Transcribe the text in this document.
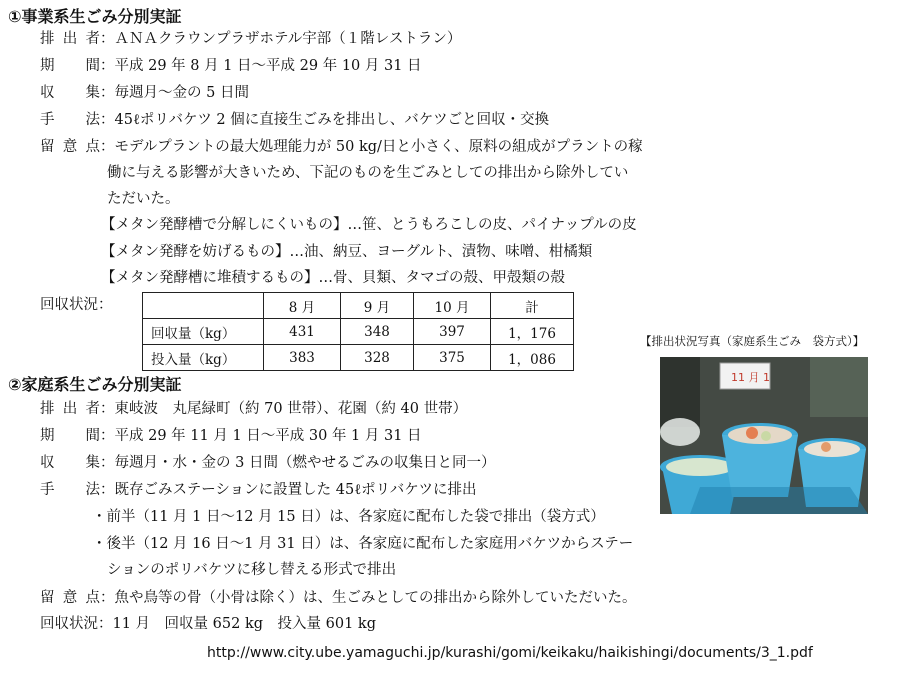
①事業系生ごみ分別実証
排出者：ＡＮＡクラウンプラザホテル宇部（１階レストラン）
期　間：平成 29 年 8 月 1 日～平成 29 年 10 月 31 日
収　集：毎週月～金の 5 日間
手　法：45ℓポリバケツ 2 個に直接生ごみを排出し、バケツごと回収・交換
留意点：モデルプラントの最大処理能力が 50 kg/日と小さく、原料の組成がプラントの稼
働に与える影響が大きいため、下記のものを生ごみとしての排出から除外してい
ただいた。
【メタン発酵槽で分解しにくいもの】…笹、とうもろこしの皮、パイナップルの皮
【メタン発酵を妨げるもの】…油、納豆、ヨーグルト、漬物、味噌、柑橘類
【メタン発酵槽に堆積するもの】…骨、貝類、タマゴの殻、甲殻類の殻
回収状況：
		8 月	9 月	10 月	計
回収量（kg）	431	348	397	1，176
投入量（kg）	383	328	375	1，086
【排出状況写真（家庭系生ごみ　袋方式）】
11 月 1
②家庭系生ごみ分別実証
排出者：東岐波　丸尾緑町（約 70 世帯）、花園（約 40 世帯）
期　間：平成 29 年 11 月 1 日～平成 30 年 1 月 31 日
収　集：毎週月・水・金の 3 日間（燃やせるごみの収集日と同一）
手　法：既存ごみステーションに設置した 45ℓポリバケツに排出
・前半（11 月 1 日～12 月 15 日）は、各家庭に配布した袋で排出（袋方式）
・後半（12 月 16 日～1 月 31 日）は、各家庭に配布した家庭用バケツからステー
ションのポリバケツに移し替える形式で排出
留意点：魚や鳥等の骨（小骨は除く）は、生ごみとしての排出から除外していただいた。
回収状況：11 月　回収量 652 kg　投入量 601 kg
http://www.city.ube.yamaguchi.jp/kurashi/gomi/keikaku/haikishingi/documents/3_1.pdf
